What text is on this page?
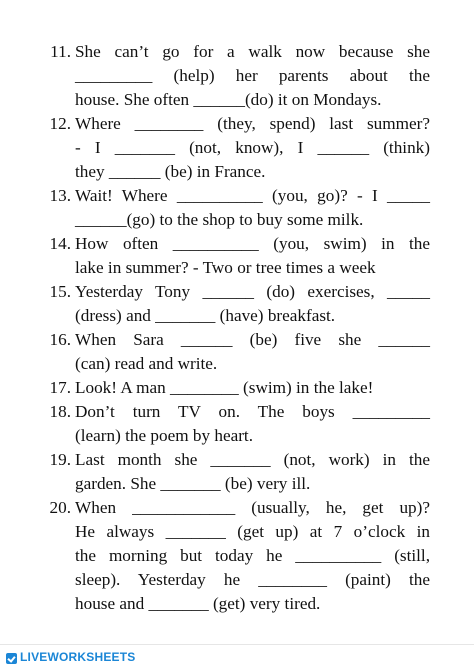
11. She can’t go for a walk now because she
_________ (help) her parents about the
house. She often ______(do) it on Mondays.
12. Where ________ (they, spend) last summer?
- I _______ (not, know), I ______ (think)
they ______ (be) in France.
13. Wait! Where __________ (you, go)? - I _____
______(go) to the shop to buy some milk.
14. How often __________ (you, swim) in the
lake in summer? - Two or tree times a week
15. Yesterday Tony ______ (do) exercises, _____
(dress) and _______ (have) breakfast.
16. When Sara ______ (be) five she ______
(can) read and write.
17. Look! A man ________ (swim) in the lake!
18. Don’t turn TV on. The boys _________
(learn) the poem by heart.
19. Last month she _______ (not, work) in the
garden. She _______ (be) very ill.
20. When ____________ (usually, he, get up)?
He always _______ (get up) at 7 o’clock in
the morning but today he __________ (still,
sleep). Yesterday he ________ (paint) the
house and _______ (get) very tired.
LIVEWORKSHEETS
